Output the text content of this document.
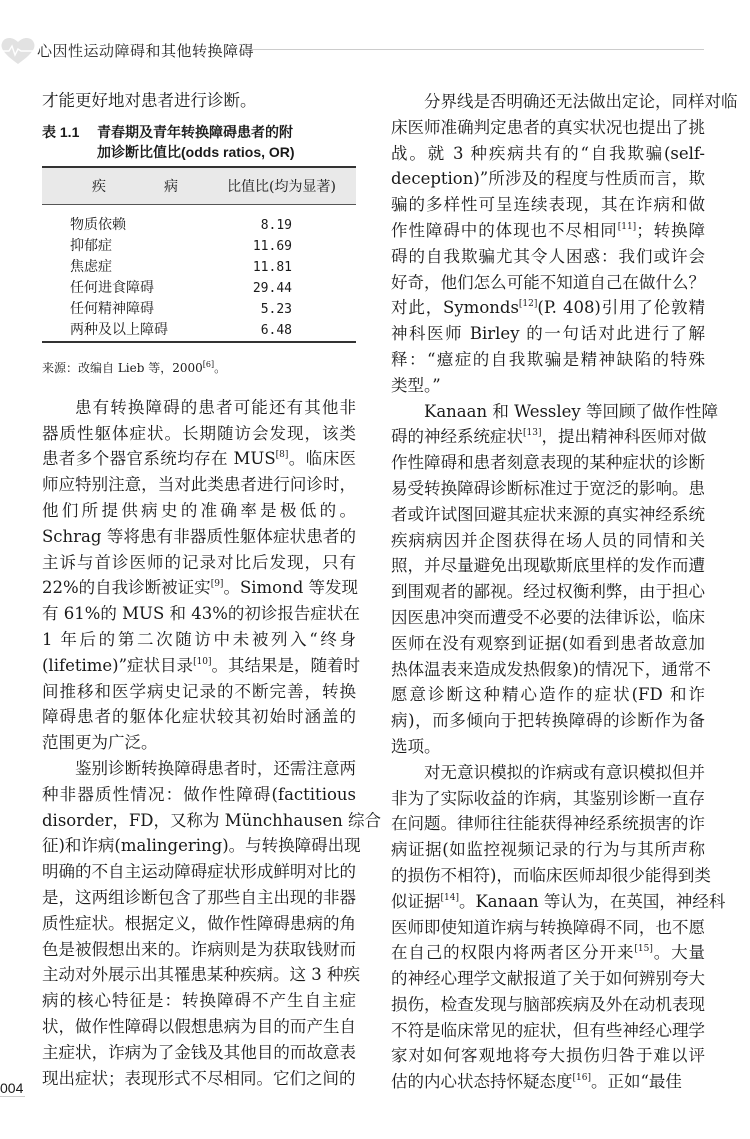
心因性运动障碍和其他转换障碍
才能更好地对患者进行诊断。
表 1.1 青春期及青年转换障碍患者的附
加诊断比值比(odds ratios, OR)
疾　病	比值比(均为显著)
物质依赖	8.19
抑郁症	11.69
焦虑症	11.81
任何进食障碍	29.44
任何精神障碍	5.23
两种及以上障碍	6.48

来源：改编自 Lieb 等，2000[6]。
患有转换障碍的患者可能还有其他非
器质性躯体症状。长期随访会发现，该类
患者多个器官系统均存在 MUS[8]。临床医
师应特别注意，当对此类患者进行问诊时，
他们所提供病史的准确率是极低的。
Schrag 等将患有非器质性躯体症状患者的
主诉与首诊医师的记录对比后发现，只有
22%的自我诊断被证实[9]。Simond 等发现
有 61%的 MUS 和 43%的初诊报告症状在
1 年后的第二次随访中未被列入“终身
(lifetime)”症状目录[10]。其结果是，随着时
间推移和医学病史记录的不断完善，转换
障碍患者的躯体化症状较其初始时涵盖的
范围更为广泛。
鉴别诊断转换障碍患者时，还需注意两
种非器质性情况：做作性障碍(factitious
disorder，FD，又称为 Münchhausen 综合
征)和诈病(malingering)。与转换障碍出现
明确的不自主运动障碍症状形成鲜明对比的
是，这两组诊断包含了那些自主出现的非器
质性症状。根据定义，做作性障碍患病的角
色是被假想出来的。诈病则是为获取钱财而
主动对外展示出其罹患某种疾病。这 3 种疾
病的核心特征是：转换障碍不产生自主症
状，做作性障碍以假想患病为目的而产生自
主症状，诈病为了金钱及其他目的而故意表
现出症状；表现形式不尽相同。它们之间的
分界线是否明确还无法做出定论，同样对临
床医师准确判定患者的真实状况也提出了挑
战。就 3 种疾病共有的“自我欺骗(self-
deception)”所涉及的程度与性质而言，欺
骗的多样性可呈连续表现，其在诈病和做
作性障碍中的体现也不尽相同[11]；转换障
碍的自我欺骗尤其令人困惑：我们或许会
好奇，他们怎么可能不知道自己在做什么？
对此，Symonds[12](P. 408)引用了伦敦精
神科医师 Birley 的一句话对此进行了解
释：“癔症的自我欺骗是精神缺陷的特殊
类型。”
Kanaan 和 Wessley 等回顾了做作性障
碍的神经系统症状[13]，提出精神科医师对做
作性障碍和患者刻意表现的某种症状的诊断
易受转换障碍诊断标准过于宽泛的影响。患
者或许试图回避其症状来源的真实神经系统
疾病病因并企图获得在场人员的同情和关
照，并尽量避免出现歇斯底里样的发作而遭
到围观者的鄙视。经过权衡利弊，由于担心
因医患冲突而遭受不必要的法律诉讼，临床
医师在没有观察到证据(如看到患者故意加
热体温表来造成发热假象)的情况下，通常不
愿意诊断这种精心造作的症状(FD 和诈
病)，而多倾向于把转换障碍的诊断作为备
选项。
对无意识模拟的诈病或有意识模拟但并
非为了实际收益的诈病，其鉴别诊断一直存
在问题。律师往往能获得神经系统损害的诈
病证据(如监控视频记录的行为与其所声称
的损伤不相符)，而临床医师却很少能得到类
似证据[14]。Kanaan 等认为，在英国，神经科
医师即使知道诈病与转换障碍不同，也不愿
在自己的权限内将两者区分开来[15]。大量
的神经心理学文献报道了关于如何辨别夸大
损伤，检查发现与脑部疾病及外在动机表现
不符是临床常见的症状，但有些神经心理学
家对如何客观地将夸大损伤归咎于难以评
估的内心状态持怀疑态度[16]。正如“最佳
004
